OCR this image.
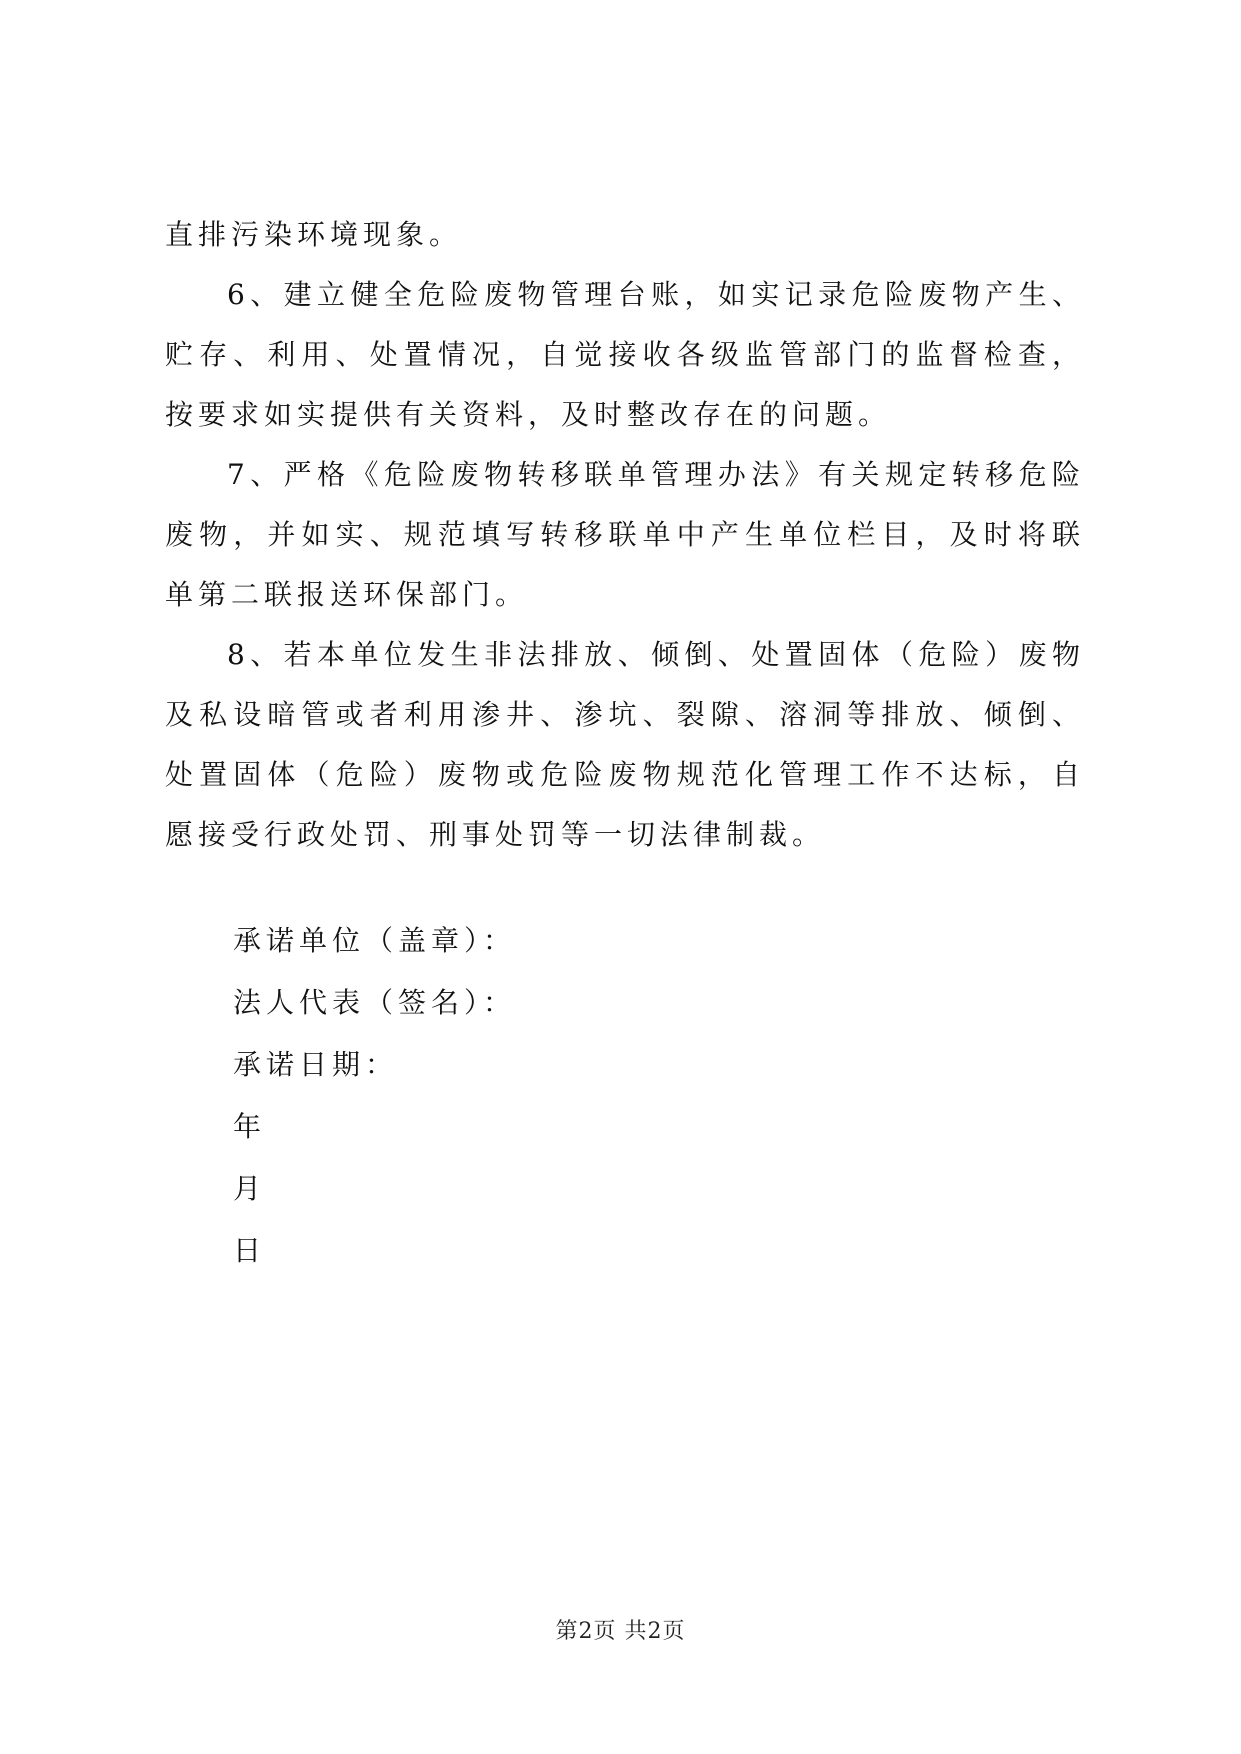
直排污染环境现象。

6、建立健全危险废物管理台账，如实记录危险废物产生、贮存、利用、处置情况，自觉接收各级监管部门的监督检查，按要求如实提供有关资料，及时整改存在的问题。

7、严格《危险废物转移联单管理办法》有关规定转移危险废物，并如实、规范填写转移联单中产生单位栏目，及时将联单第二联报送环保部门。

8、若本单位发生非法排放、倾倒、处置固体（危险）废物及私设暗管或者利用渗井、渗坑、裂隙、溶洞等排放、倾倒、处置固体（危险）废物或危险废物规范化管理工作不达标，自愿接受行政处罚、刑事处罚等一切法律制裁。

承诺单位（盖章）：
法人代表（签名）：
承诺日期：
年
月
日
第2页 共2页
